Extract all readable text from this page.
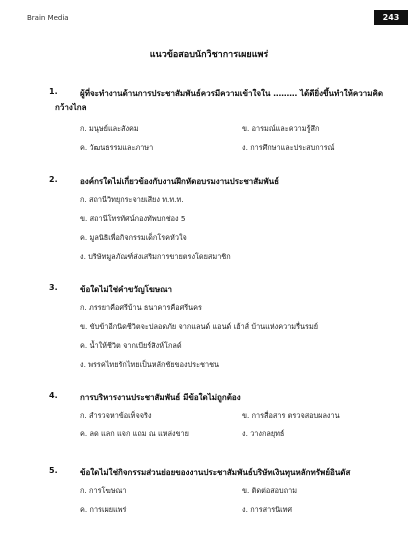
Brain Media	243
แนวข้อสอบนักวิชาการเผยแพร่
1.	ผู้ที่จะทำงานด้านการประชาสัมพันธ์ควรมีความเข้าใจใน ……… ได้ดียิ่งขึ้นทำให้ความคิด
กว้างไกล
ก. มนุษย์และสังคม	ข. อารมณ์และความรู้สึก
ค. วัฒนธรรมและภาษา	ง. การศึกษาและประสบการณ์
2.	องค์กรใดไม่เกี่ยวข้องกับงานฝึกหัดอบรมงานประชาสัมพันธ์
ก. สถานีวิทยุกระจายเสียง ท.ท.ท.
ข. สถานีโทรทัศน์กองทัพบกช่อง 5
ค. มูลนิธิเพื่อกิจกรรมเด็กโรคหัวใจ
ง. บริษัทมูลภัณฑ์ส่งเสริมการขายตรงโดยสมาชิก
3.	ข้อใดไม่ใช่คำขวัญโฆษณา
ก. ภรรยาคือศรีบ้าน ธนาคารคือศรีนคร
ข. ขับข้าอีกนิดชีวิตจะปลอดภัย จากแลนด์ แอนด์ เฮ้าส์ บ้านแห่งความรื่นรมย์
ค. น้ำให้ชีวิต จากเบียร์สิงห์โกลด์
ง. พรรคไทยรักไทยเป็นหลักชัยของประชาชน
4.	การบริหารงานประชาสัมพันธ์ มีข้อใดไม่ถูกต้อง
ก. สำรวจหาข้อเท็จจริง	ข. การสื่อสาร ตรวจสอบผลงาน
ค. ลด แลก แจก แถม ณ แหล่งขาย	ง. วางกลยุทธ์
5.	ข้อใดไม่ใช่กิจกรรมส่วนย่อยของงานประชาสัมพันธ์บริษัทเงินทุนหลักทรัพย์อินดัส
ก. การโฆษณา	ข. ติดต่อสอบถาม
ค. การเผยแพร่	ง. การสารนิเทศ
